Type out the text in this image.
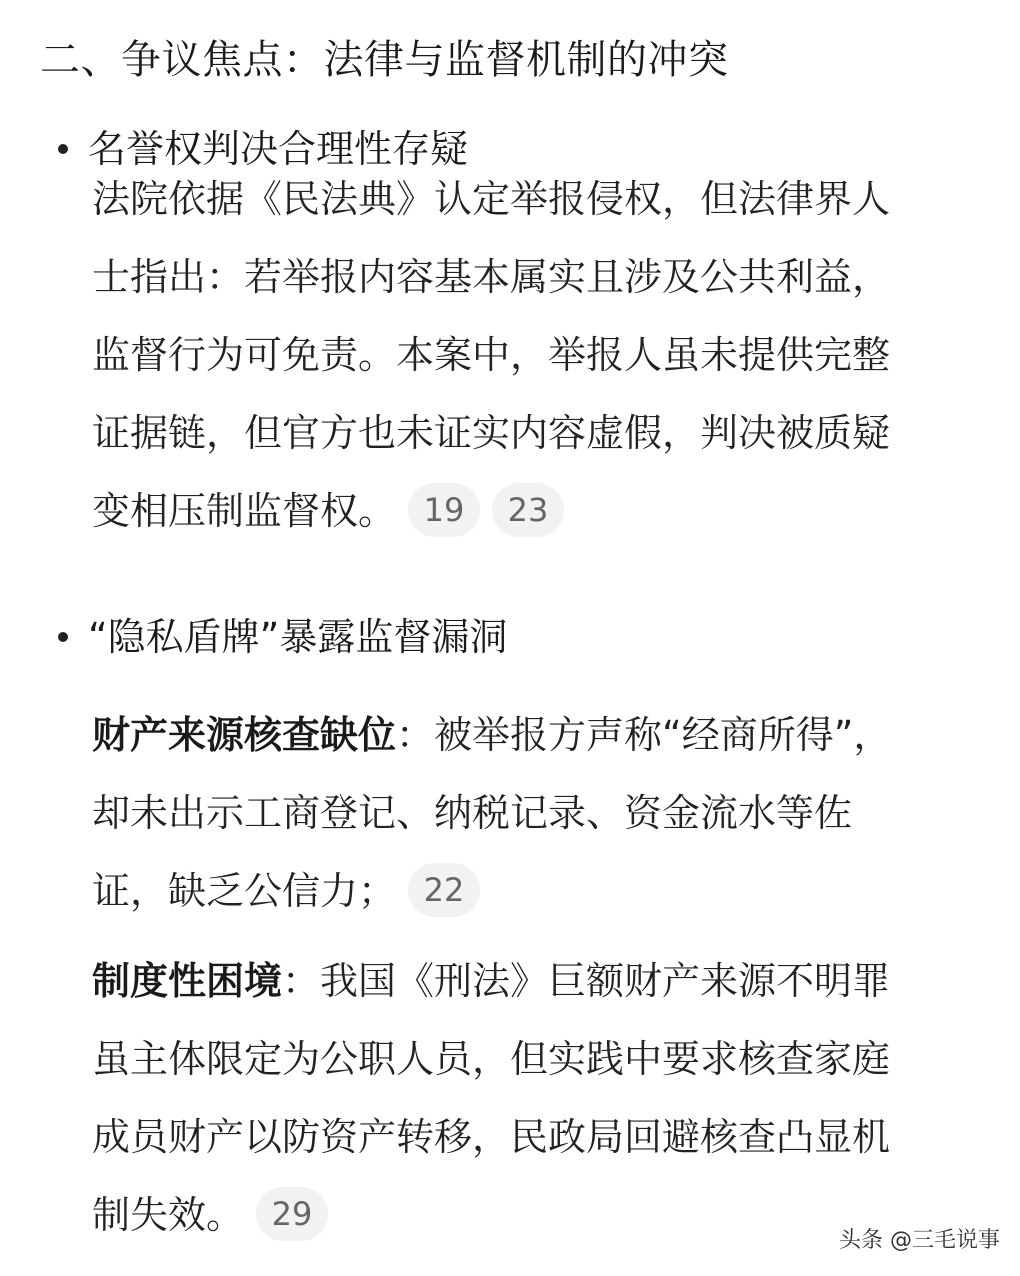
二、争议焦点：法律与监督机制的冲突
名誉权判决合理性存疑
法院依据《民法典》认定举报侵权，但法律界人
士指出：若举报内容基本属实且涉及公共利益，
监督行为可免责。本案中，举报人虽未提供完整
证据链，但官方也未证实内容虚假，判决被质疑
变相压制监督权。 19 23
“隐私盾牌”暴露监督漏洞
财产来源核查缺位：被举报方声称“经商所得”，
却未出示工商登记、纳税记录、资金流水等佐
证，缺乏公信力； 22
制度性困境：我国《刑法》巨额财产来源不明罪
虽主体限定为公职人员，但实践中要求核查家庭
成员财产以防资产转移，民政局回避核查凸显机
制失效。 29
头条 @三毛说事
